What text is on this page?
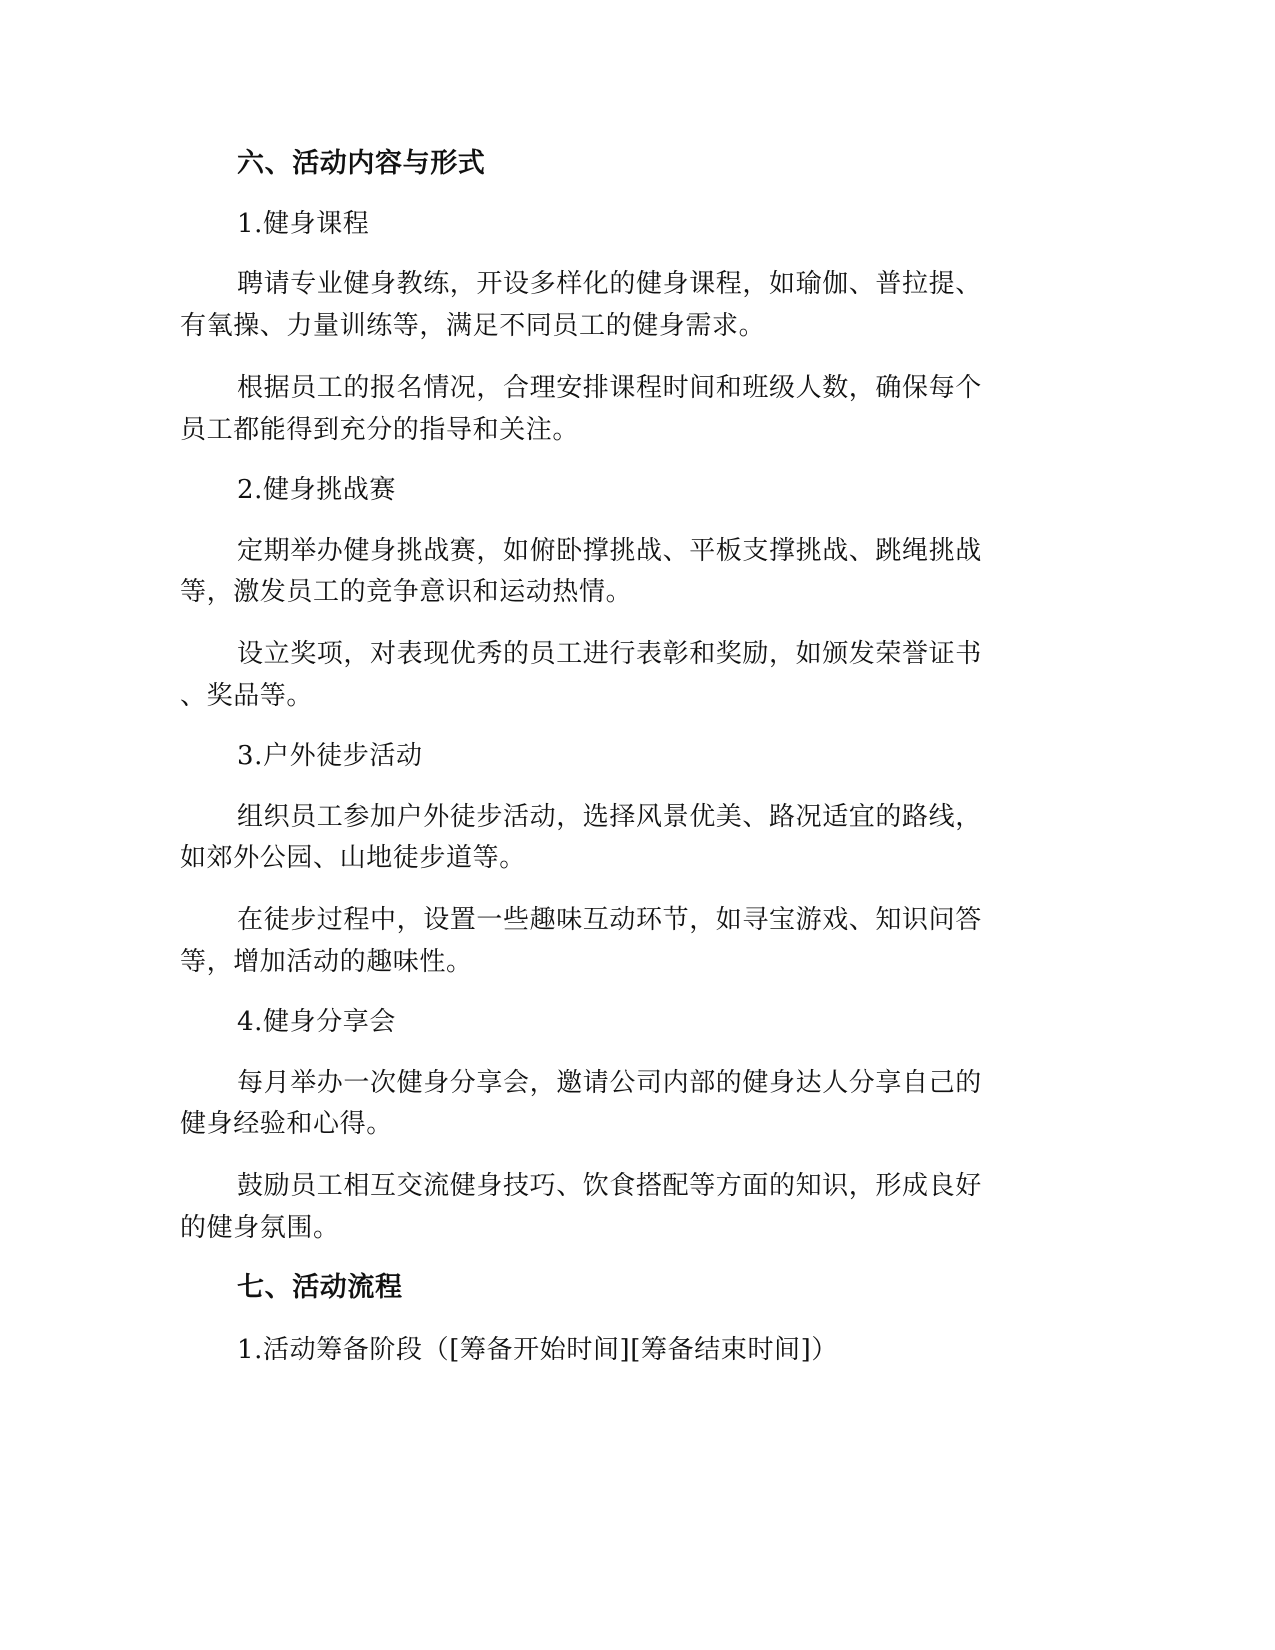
六、活动内容与形式
1.健身课程
聘请专业健身教练，开设多样化的健身课程，如瑜伽、普拉提、
有氧操、力量训练等，满足不同员工的健身需求。
根据员工的报名情况，合理安排课程时间和班级人数，确保每个
员工都能得到充分的指导和关注。
2.健身挑战赛
定期举办健身挑战赛，如俯卧撑挑战、平板支撑挑战、跳绳挑战
等，激发员工的竞争意识和运动热情。
设立奖项，对表现优秀的员工进行表彰和奖励，如颁发荣誉证书
、奖品等。
3.户外徒步活动
组织员工参加户外徒步活动，选择风景优美、路况适宜的路线，
如郊外公园、山地徒步道等。
在徒步过程中，设置一些趣味互动环节，如寻宝游戏、知识问答
等，增加活动的趣味性。
4.健身分享会
每月举办一次健身分享会，邀请公司内部的健身达人分享自己的
健身经验和心得。
鼓励员工相互交流健身技巧、饮食搭配等方面的知识，形成良好
的健身氛围。
七、活动流程
1.活动筹备阶段（[筹备开始时间][筹备结束时间]）
